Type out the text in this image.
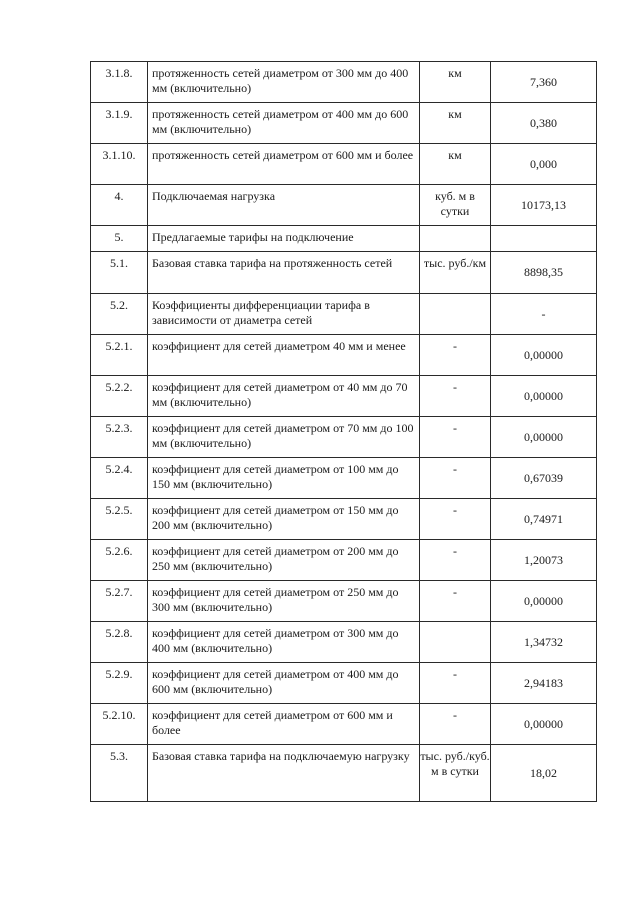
3.1.8.	протяженность сетей диаметром от 300 мм до 400 мм (включительно)	км	7,360
3.1.9.	протяженность сетей диаметром от 400 мм до 600 мм (включительно)	км	0,380
3.1.10.	протяженность сетей диаметром от 600 мм и более	км	0,000
4.	Подключаемая нагрузка	куб. м в сутки	10173,13
5.	Предлагаемые тарифы на подключение		
5.1.	Базовая ставка тарифа на протяженность сетей	тыс. руб./км	8898,35
5.2.	Коэффициенты дифференциации тарифа в зависимости от диаметра сетей		-
5.2.1.	коэффициент для сетей диаметром 40 мм и менее	-	0,00000
5.2.2.	коэффициент для сетей диаметром от 40 мм до 70 мм (включительно)	-	0,00000
5.2.3.	коэффициент для сетей диаметром от 70 мм до 100 мм (включительно)	-	0,00000
5.2.4.	коэффициент для сетей диаметром от 100 мм до 150 мм (включительно)	-	0,67039
5.2.5.	коэффициент для сетей диаметром от 150 мм до 200 мм (включительно)	-	0,74971
5.2.6.	коэффициент для сетей диаметром от 200 мм до 250 мм (включительно)	-	1,20073
5.2.7.	коэффициент для сетей диаметром от 250 мм до 300 мм (включительно)	-	0,00000
5.2.8.	коэффициент для сетей диаметром от 300 мм до 400 мм (включительно)		1,34732
5.2.9.	коэффициент для сетей диаметром от 400 мм до 600 мм (включительно)	-	2,94183
5.2.10.	коэффициент для сетей диаметром от 600 мм и более	-	0,00000
5.3.	Базовая ставка тарифа на подключаемую нагрузку	тыс. руб./куб. м в сутки	18,02
